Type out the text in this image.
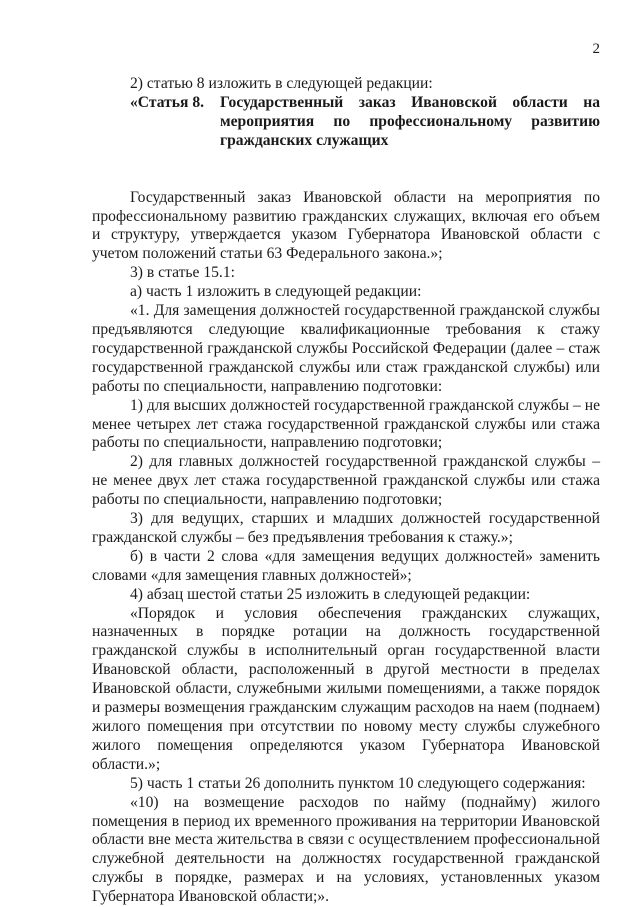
2

2) статью 8 изложить в следующей редакции:

«Статья 8.	Государственный заказ Ивановской области на мероприятия по профессиональному развитию гражданских служащих

Государственный заказ Ивановской области на мероприятия по профессиональному развитию гражданских служащих, включая его объем и структуру, утверждается указом Губернатора Ивановской области с учетом положений статьи 63 Федерального закона.»;

3) в статье 15.1:

а) часть 1 изложить в следующей редакции:

«1. Для замещения должностей государственной гражданской службы предъявляются следующие квалификационные требования к стажу государственной гражданской службы Российской Федерации (далее – стаж государственной гражданской службы или стаж гражданской службы) или работы по специальности, направлению подготовки:

1) для высших должностей государственной гражданской службы – не менее четырех лет стажа государственной гражданской службы или стажа работы по специальности, направлению подготовки;

2) для главных должностей государственной гражданской службы – не менее двух лет стажа государственной гражданской службы или стажа работы по специальности, направлению подготовки;

3) для ведущих, старших и младших должностей государственной гражданской службы – без предъявления требования к стажу.»;

б) в части 2 слова «для замещения ведущих должностей» заменить словами «для замещения главных должностей»;

4) абзац шестой статьи 25 изложить в следующей редакции:

«Порядок и условия обеспечения гражданских служащих, назначенных в порядке ротации на должность государственной гражданской службы в исполнительный орган государственной власти Ивановской области, расположенный в другой местности в пределах Ивановской области, служебными жилыми помещениями, а также порядок и размеры возмещения гражданским служащим расходов на наем (поднаем) жилого помещения при отсутствии по новому месту службы служебного жилого помещения определяются указом Губернатора Ивановской области.»;

5) часть 1 статьи 26 дополнить пунктом 10 следующего содержания:

«10) на возмещение расходов по найму (поднайму) жилого помещения в период их временного проживания на территории Ивановской области вне места жительства в связи с осуществлением профессиональной служебной деятельности на должностях государственной гражданской службы в порядке, размерах и на условиях, установленных указом Губернатора Ивановской области;».
